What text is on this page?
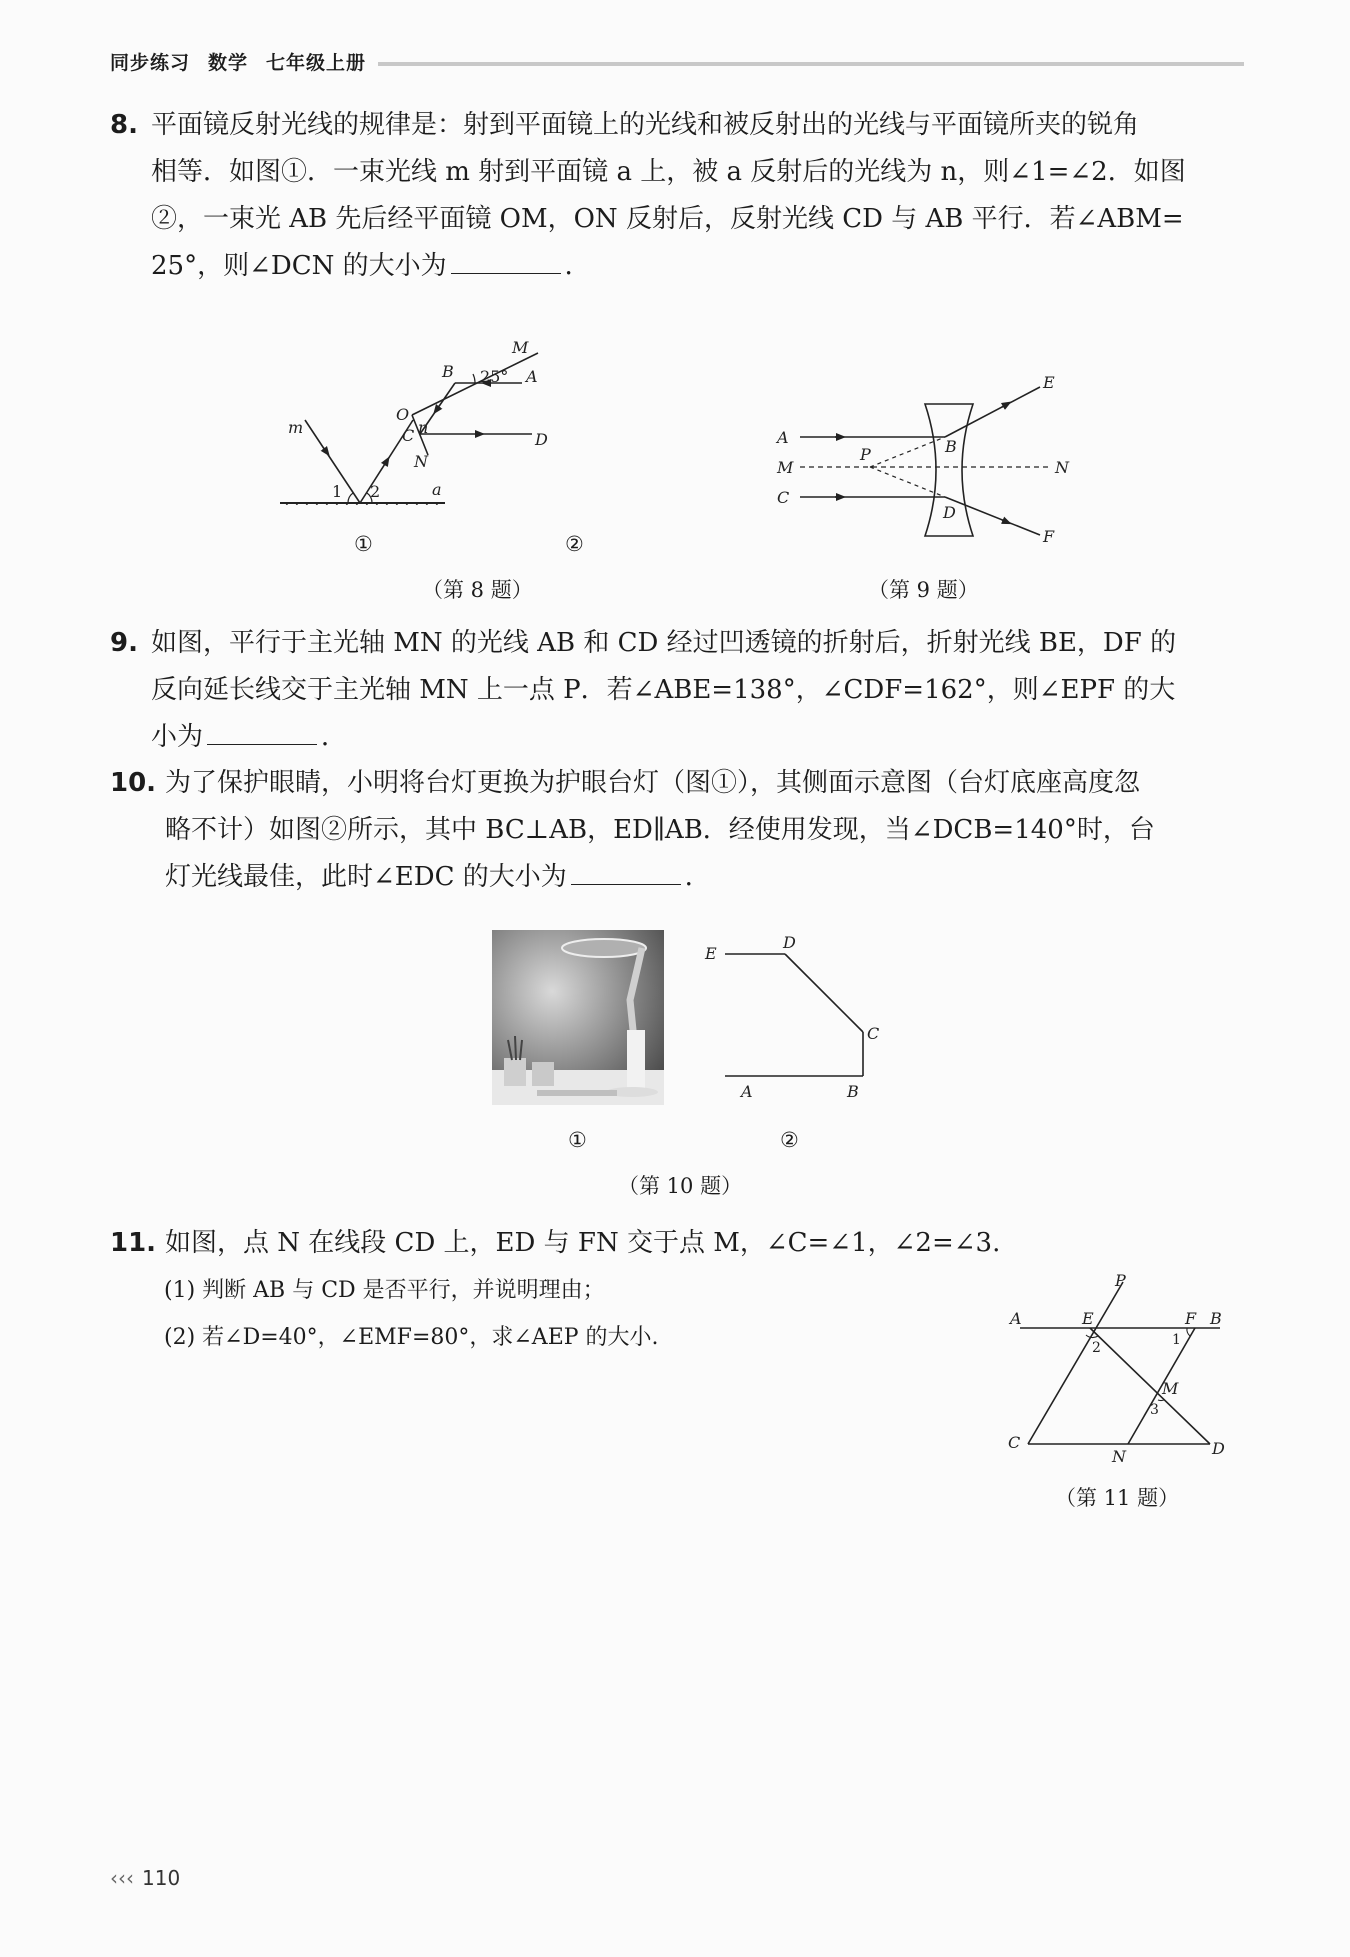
同步练习 数学 七年级上册
8. 平面镜反射光线的规律是：射到平面镜上的光线和被反射出的光线与平面镜所夹的锐角
相等．如图①．一束光线 m 射到平面镜 a 上，被 a 反射后的光线为 n，则∠1=∠2．如图
②，一束光 AB 先后经平面镜 OM，ON 反射后，反射光线 CD 与 AB 平行．若∠ABM=
25°，则∠DCN 的大小为	．
m	n
1 2	a
M
B 25° A
O
C	D
N
①	②
（第 8 题）
A
M
C
P	B
D
E
N
F
（第 9 题）
9. 如图，平行于主光轴 MN 的光线 AB 和 CD 经过凹透镜的折射后，折射光线 BE，DF 的
反向延长线交于主光轴 MN 上一点 P．若∠ABE=138°，∠CDF=162°，则∠EPF 的大
小为	．
10. 为了保护眼睛，小明将台灯更换为护眼台灯（图①），其侧面示意图（台灯底座高度忽
略不计）如图②所示，其中 BC⊥AB，ED∥AB．经使用发现，当∠DCB=140°时，台
灯光线最佳，此时∠EDC 的大小为	．
E
D
C
A	B
①	②
（第 10 题）
11. 如图，点 N 在线段 CD 上，ED 与 FN 交于点 M，∠C=∠1，∠2=∠3.
(1) 判断 AB 与 CD 是否平行，并说明理由；
(2) 若∠D=40°，∠EMF=80°，求∠AEP 的大小.
P
A	E	F B
2	1
M
3
C
N	D
（第 11 题）
‹‹‹ 110
